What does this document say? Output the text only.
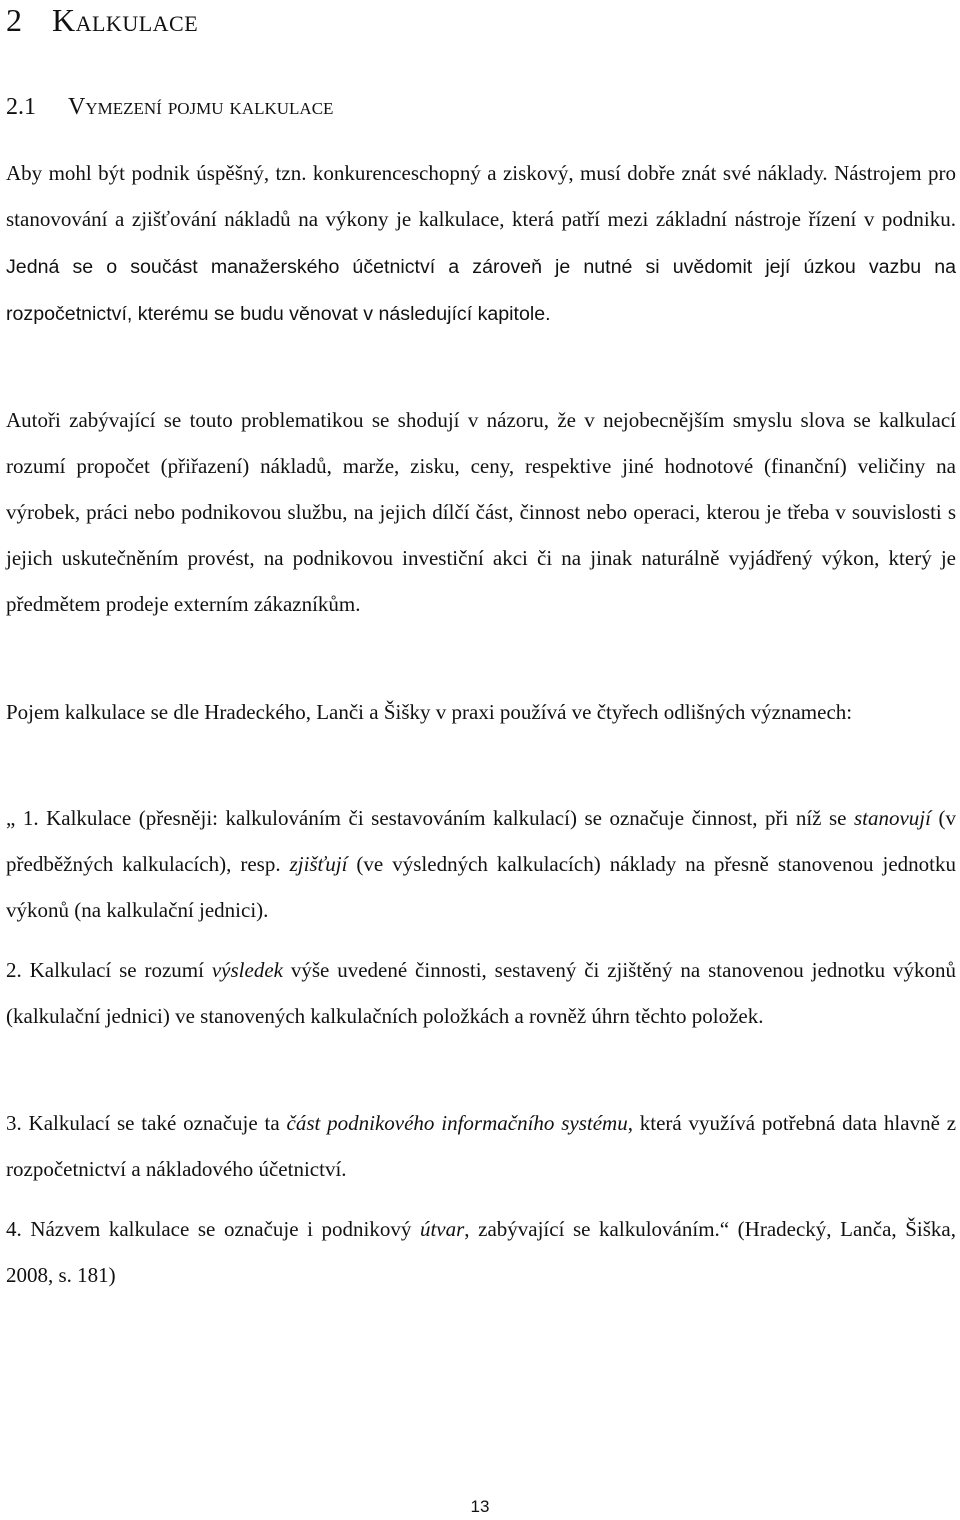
2 Kalkulace
2.1 Vymezení pojmu kalkulace

Aby mohl být podnik úspěšný, tzn. konkurenceschopný a ziskový, musí dobře znát své náklady. Nástrojem pro stanovování a zjišťování nákladů na výkony je kalkulace, která patří mezi základní nástroje řízení v podniku. Jedná se o součást manažerského účetnictví a zároveň je nutné si uvědomit její úzkou vazbu na rozpočetnictví, kterému se budu věnovat v následující kapitole.

Autoři zabývající se touto problematikou se shodují v názoru, že v nejobecnějším smyslu slova se kalkulací rozumí propočet (přiřazení) nákladů, marže, zisku, ceny, respektive jiné hodnotové (finanční) veličiny na výrobek, práci nebo podnikovou službu, na jejich dílčí část, činnost nebo operaci, kterou je třeba v souvislosti s jejich uskutečněním provést, na podnikovou investiční akci či na jinak naturálně vyjádřený výkon, který je předmětem prodeje externím zákazníkům.

Pojem kalkulace se dle Hradeckého, Lanči a Šišky v praxi používá ve čtyřech odlišných významech:

„ 1. Kalkulace (přesněji: kalkulováním či sestavováním kalkulací) se označuje činnost, při níž se stanovují (v předběžných kalkulacích), resp. zjišťují (ve výsledných kalkulacích) náklady na přesně stanovenou jednotku výkonů (na kalkulační jednici).

2. Kalkulací se rozumí výsledek výše uvedené činnosti, sestavený či zjištěný na stanovenou jednotku výkonů (kalkulační jednici) ve stanovených kalkulačních položkách a rovněž úhrn těchto položek.

3. Kalkulací se také označuje ta část podnikového informačního systému, která využívá potřebná data hlavně z rozpočetnictví a nákladového účetnictví.

4. Názvem kalkulace se označuje i podnikový útvar, zabývající se kalkulováním.“ (Hradecký, Lanča, Šiška, 2008, s. 181)

13
